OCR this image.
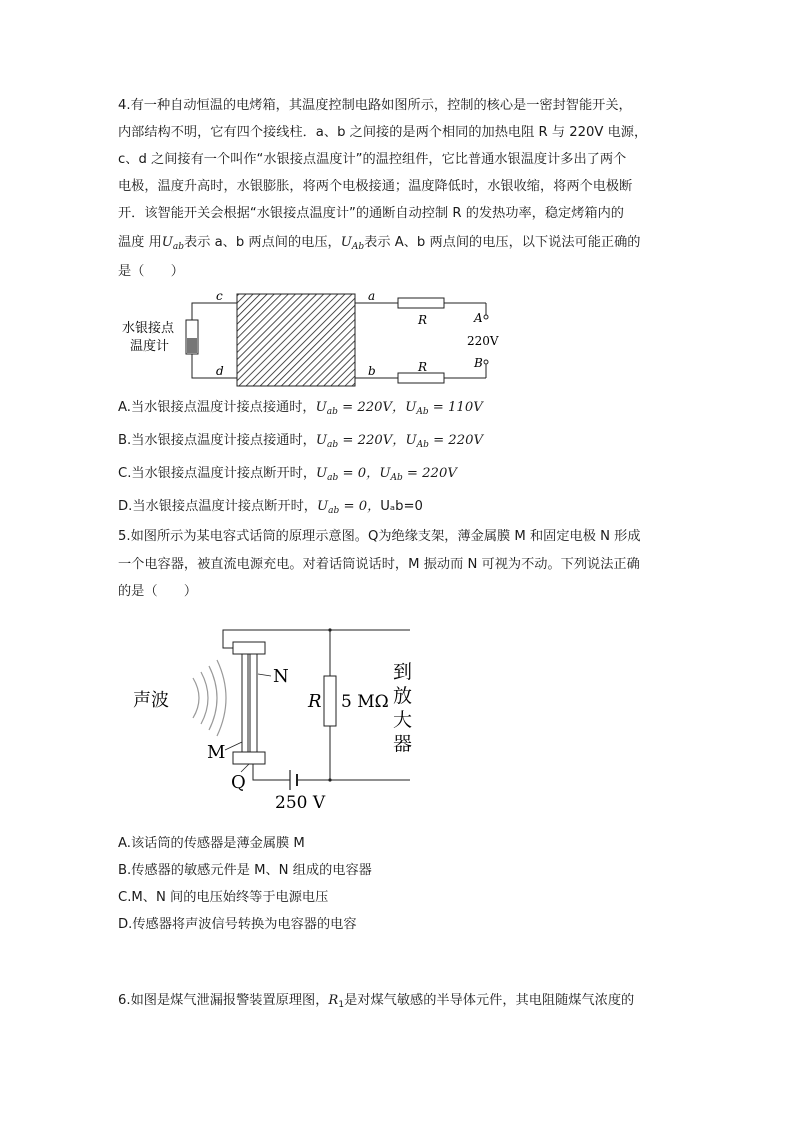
4.有一种自动恒温的电烤箱，其温度控制电路如图所示，控制的核心是一密封智能开关，
内部结构不明，它有四个接线柱．a、b 之间接的是两个相同的加热电阻 R 与 220V 电源，
c、d 之间接有一个叫作“水银接点温度计”的温控组件，它比普通水银温度计多出了两个
电极，温度升高时，水银膨胀，将两个电极接通；温度降低时，水银收缩，将两个电极断
开．该智能开关会根据“水银接点温度计”的通断自动控制 R 的发热功率，稳定烤箱内的
温度 用$U_{ab}$表示 a、b 两点间的电压，$U_{Ab}$表示 A、b 两点间的电压，以下说法可能正确的
是（　　）
水银接点
温度计
c
d
a
b
R
R
A
B
220V
A.当水银接点温度计接点接通时，$U_{ab} = 220V$，$U_{Ab} = 110V$
B.当水银接点温度计接点接通时，$U_{ab} = 220V$，$U_{Ab} = 220V$
C.当水银接点温度计接点断开时，$U_{ab} = 0$，$U_{Ab} = 220V$
D.当水银接点温度计接点断开时，$U_{ab} = 0$，Uₐb=0
5.如图所示为某电容式话筒的原理示意图。Q为绝缘支架，薄金属膜 M 和固定电极 N 形成
一个电容器，被直流电源充电。对着话筒说话时，M 振动而 N 可视为不动。下列说法正确
的是（　　）
声波
N
M
Q
R 5 MΩ
到
放
大
器
250 V
A.该话筒的传感器是薄金属膜 M
B.传感器的敏感元件是 M、N 组成的电容器
C.M、N 间的电压始终等于电源电压
D.传感器将声波信号转换为电容器的电容
6.如图是煤气泄漏报警装置原理图，$R_1$是对煤气敏感的半导体元件，其电阻随煤气浓度的
